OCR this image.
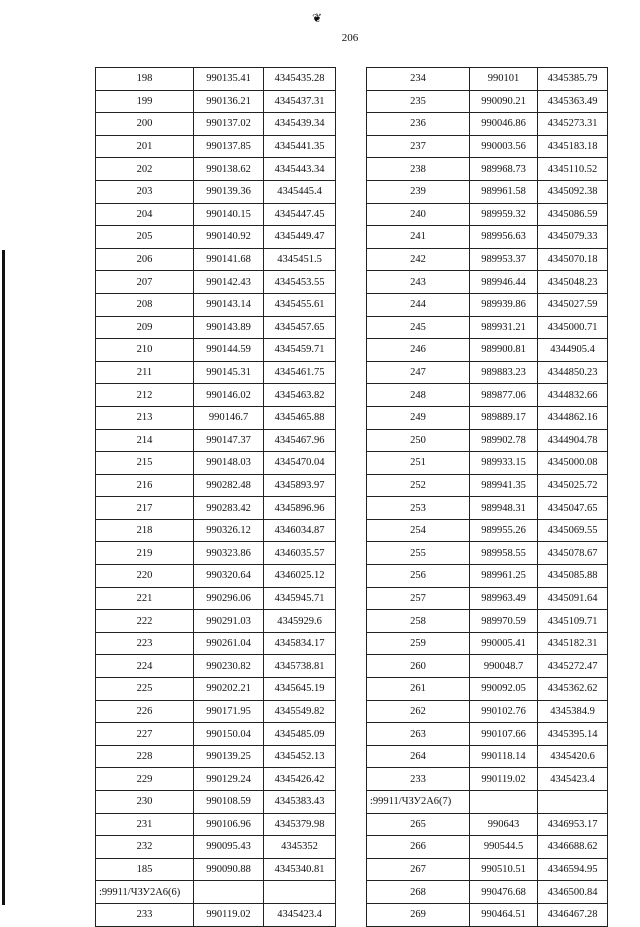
❦
206
198	990135.41	4345435.28
199	990136.21	4345437.31
200	990137.02	4345439.34
201	990137.85	4345441.35
202	990138.62	4345443.34
203	990139.36	4345445.4
204	990140.15	4345447.45
205	990140.92	4345449.47
206	990141.68	4345451.5
207	990142.43	4345453.55
208	990143.14	4345455.61
209	990143.89	4345457.65
210	990144.59	4345459.71
211	990145.31	4345461.75
212	990146.02	4345463.82
213	990146.7	4345465.88
214	990147.37	4345467.96
215	990148.03	4345470.04
216	990282.48	4345893.97
217	990283.42	4345896.96
218	990326.12	4346034.87
219	990323.86	4346035.57
220	990320.64	4346025.12
221	990296.06	4345945.71
222	990291.03	4345929.6
223	990261.04	4345834.17
224	990230.82	4345738.81
225	990202.21	4345645.19
226	990171.95	4345549.82
227	990150.04	4345485.09
228	990139.25	4345452.13
229	990129.24	4345426.42
230	990108.59	4345383.43
231	990106.96	4345379.98
232	990095.43	4345352
185	990090.88	4345340.81
:99911/ЧЗУ2А6(6)		
233	990119.02	4345423.4
234	990101	4345385.79
235	990090.21	4345363.49
236	990046.86	4345273.31
237	990003.56	4345183.18
238	989968.73	4345110.52
239	989961.58	4345092.38
240	989959.32	4345086.59
241	989956.63	4345079.33
242	989953.37	4345070.18
243	989946.44	4345048.23
244	989939.86	4345027.59
245	989931.21	4345000.71
246	989900.81	4344905.4
247	989883.23	4344850.23
248	989877.06	4344832.66
249	989889.17	4344862.16
250	989902.78	4344904.78
251	989933.15	4345000.08
252	989941.35	4345025.72
253	989948.31	4345047.65
254	989955.26	4345069.55
255	989958.55	4345078.67
256	989961.25	4345085.88
257	989963.49	4345091.64
258	989970.59	4345109.71
259	990005.41	4345182.31
260	990048.7	4345272.47
261	990092.05	4345362.62
262	990102.76	4345384.9
263	990107.66	4345395.14
264	990118.14	4345420.6
233	990119.02	4345423.4
:99911/ЧЗУ2А6(7)		
265	990643	4346953.17
266	990544.5	4346688.62
267	990510.51	4346594.95
268	990476.68	4346500.84
269	990464.51	4346467.28
